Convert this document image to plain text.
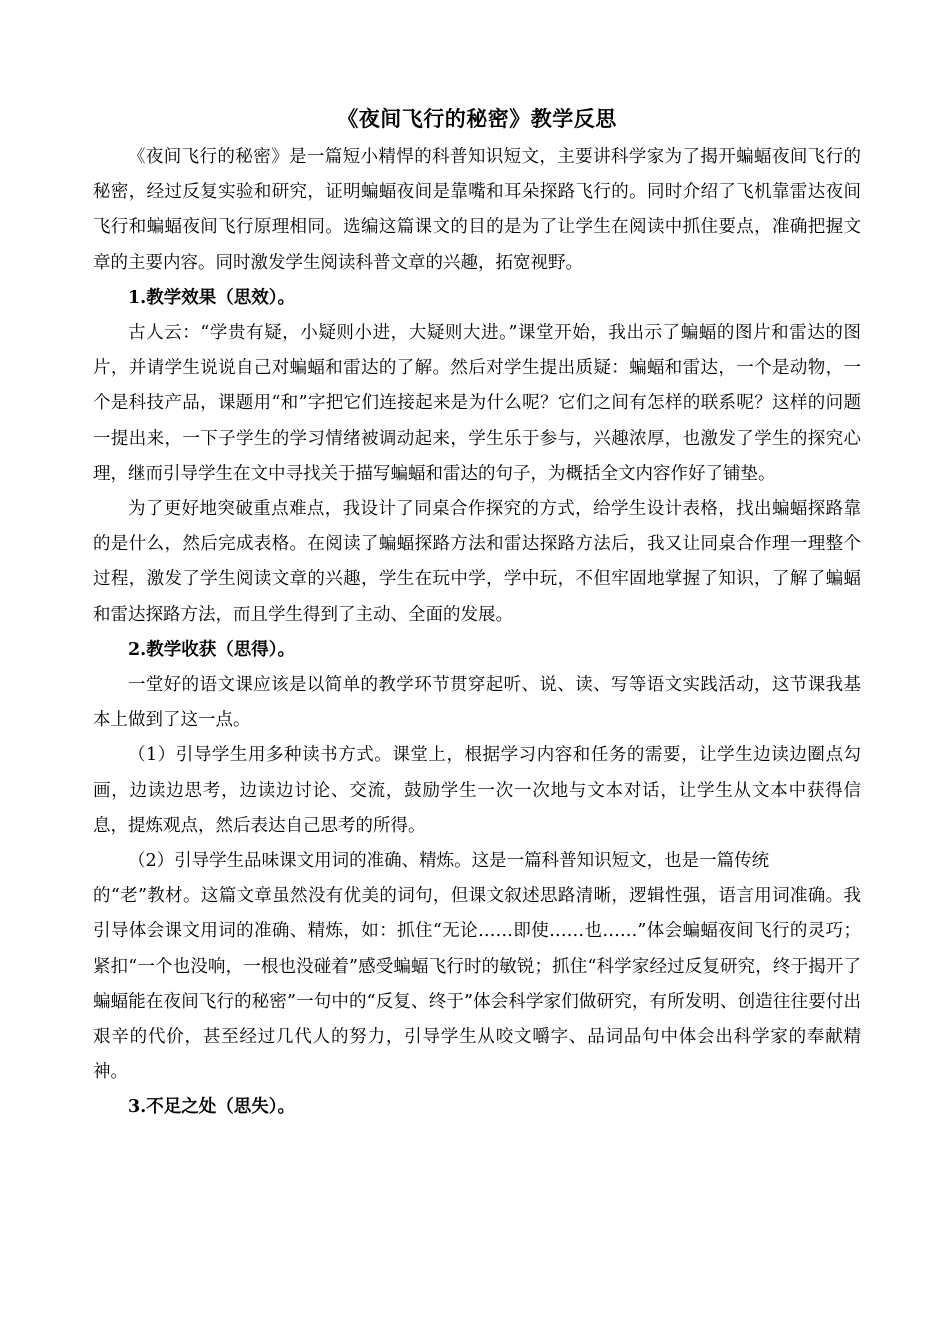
《夜间飞行的秘密》教学反思

《夜间飞行的秘密》是一篇短小精悍的科普知识短文，主要讲科学家为了揭开蝙蝠夜间飞行的秘密，经过反复实验和研究，证明蝙蝠夜间是靠嘴和耳朵探路飞行的。同时介绍了飞机靠雷达夜间飞行和蝙蝠夜间飞行原理相同。选编这篇课文的目的是为了让学生在阅读中抓住要点，准确把握文章的主要内容。同时激发学生阅读科普文章的兴趣，拓宽视野。

1.教学效果（思效）。

古人云：“学贵有疑，小疑则小进，大疑则大进。”课堂开始，我出示了蝙蝠的图片和雷达的图片，并请学生说说自己对蝙蝠和雷达的了解。然后对学生提出质疑：蝙蝠和雷达，一个是动物，一个是科技产品，课题用“和”字把它们连接起来是为什么呢？它们之间有怎样的联系呢？这样的问题一提出来，一下子学生的学习情绪被调动起来，学生乐于参与，兴趣浓厚，也激发了学生的探究心理，继而引导学生在文中寻找关于描写蝙蝠和雷达的句子，为概括全文内容作好了铺垫。

为了更好地突破重点难点，我设计了同桌合作探究的方式，给学生设计表格，找出蝙蝠探路靠的是什么，然后完成表格。在阅读了蝙蝠探路方法和雷达探路方法后，我又让同桌合作理一理整个过程，激发了学生阅读文章的兴趣，学生在玩中学，学中玩，不但牢固地掌握了知识，了解了蝙蝠和雷达探路方法，而且学生得到了主动、全面的发展。

2.教学收获（思得）。

一堂好的语文课应该是以简单的教学环节贯穿起听、说、读、写等语文实践活动，这节课我基本上做到了这一点。

（1）引导学生用多种读书方式。课堂上，根据学习内容和任务的需要，让学生边读边圈点勾画，边读边思考，边读边讨论、交流，鼓励学生一次一次地与文本对话，让学生从文本中获得信息，提炼观点，然后表达自己思考的所得。

（2）引导学生品味课文用词的准确、精炼。这是一篇科普知识短文，也是一篇传统

的“老”教材。这篇文章虽然没有优美的词句，但课文叙述思路清晰，逻辑性强，语言用词准确。我引导体会课文用词的准确、精炼，如：抓住“无论……即使……也……”体会蝙蝠夜间飞行的灵巧；紧扣“一个也没响，一根也没碰着”感受蝙蝠飞行时的敏锐；抓住“科学家经过反复研究，终于揭开了蝙蝠能在夜间飞行的秘密”一句中的“反复、终于”体会科学家们做研究，有所发明、创造往往要付出艰辛的代价，甚至经过几代人的努力，引导学生从咬文嚼字、品词品句中体会出科学家的奉献精神。

3.不足之处（思失）。
